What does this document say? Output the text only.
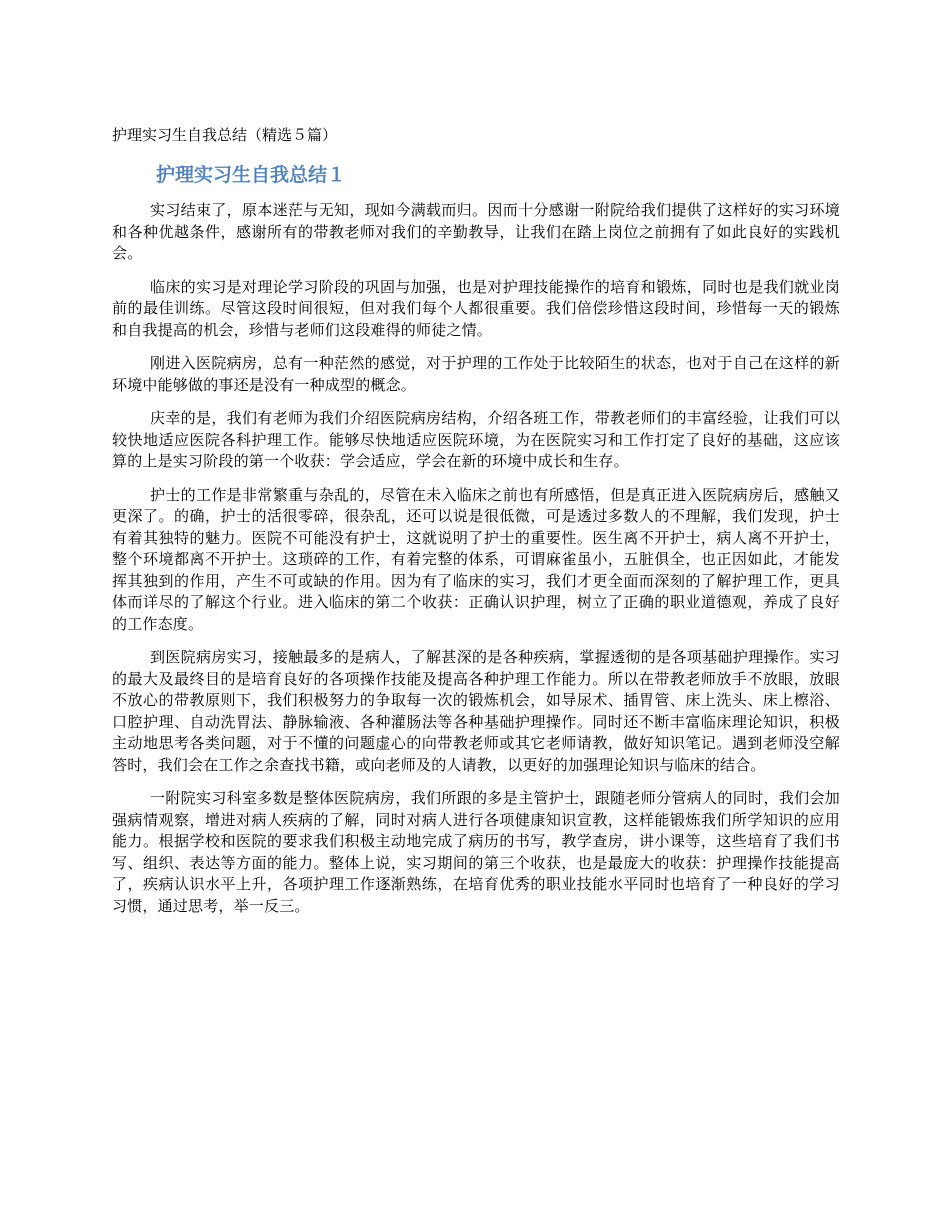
护理实习生自我总结（精选５篇）
护理实习生自我总结１

实习结束了，原本迷茫与无知，现如今满载而归。因而十分感谢一附院给我们提供了这样好的实习环境和各种优越条件，感谢所有的带教老师对我们的辛勤教导，让我们在踏上岗位之前拥有了如此良好的实践机会。

临床的实习是对理论学习阶段的巩固与加强，也是对护理技能操作的培育和锻炼，同时也是我们就业岗前的最佳训练。尽管这段时间很短，但对我们每个人都很重要。我们倍偿珍惜这段时间，珍惜每一天的锻炼和自我提高的机会，珍惜与老师们这段难得的师徒之情。

刚进入医院病房，总有一种茫然的感觉，对于护理的工作处于比较陌生的状态，也对于自己在这样的新环境中能够做的事还是没有一种成型的概念。

庆幸的是，我们有老师为我们介绍医院病房结构，介绍各班工作，带教老师们的丰富经验，让我们可以较快地适应医院各科护理工作。能够尽快地适应医院环境，为在医院实习和工作打定了良好的基础，这应该算的上是实习阶段的第一个收获：学会适应，学会在新的环境中成长和生存。

护士的工作是非常繁重与杂乱的，尽管在未入临床之前也有所感悟，但是真正进入医院病房后，感触又更深了。的确，护士的活很零碎，很杂乱，还可以说是很低微，可是透过多数人的不理解，我们发现，护士有着其独特的魅力。医院不可能没有护士，这就说明了护士的重要性。医生离不开护士，病人离不开护士，整个环境都离不开护士。这琐碎的工作，有着完整的体系，可谓麻雀虽小，五脏俱全，也正因如此，才能发挥其独到的作用，产生不可或缺的作用。因为有了临床的实习，我们才更全面而深刻的了解护理工作，更具体而详尽的了解这个行业。进入临床的第二个收获：正确认识护理，树立了正确的职业道德观，养成了良好的工作态度。

到医院病房实习，接触最多的是病人，了解甚深的是各种疾病，掌握透彻的是各项基础护理操作。实习的最大及最终目的是培育良好的各项操作技能及提高各种护理工作能力。所以在带教老师放手不放眼，放眼不放心的带教原则下，我们积极努力的争取每一次的锻炼机会，如导尿术、插胃管、床上洗头、床上檫浴、口腔护理、自动洗胃法、静脉输液、各种灌肠法等各种基础护理操作。同时还不断丰富临床理论知识，积极主动地思考各类问题，对于不懂的问题虚心的向带教老师或其它老师请教，做好知识笔记。遇到老师没空解答时，我们会在工作之余查找书籍，或向老师及的人请教，以更好的加强理论知识与临床的结合。

一附院实习科室多数是整体医院病房，我们所跟的多是主管护士，跟随老师分管病人的同时，我们会加强病情观察，增进对病人疾病的了解，同时对病人进行各项健康知识宣教，这样能锻炼我们所学知识的应用能力。根据学校和医院的要求我们积极主动地完成了病历的书写，教学查房，讲小课等，这些培育了我们书写、组织、表达等方面的能力。整体上说，实习期间的第三个收获，也是最庞大的收获：护理操作技能提高了，疾病认识水平上升，各项护理工作逐渐熟练，在培育优秀的职业技能水平同时也培育了一种良好的学习习惯，通过思考，举一反三。
